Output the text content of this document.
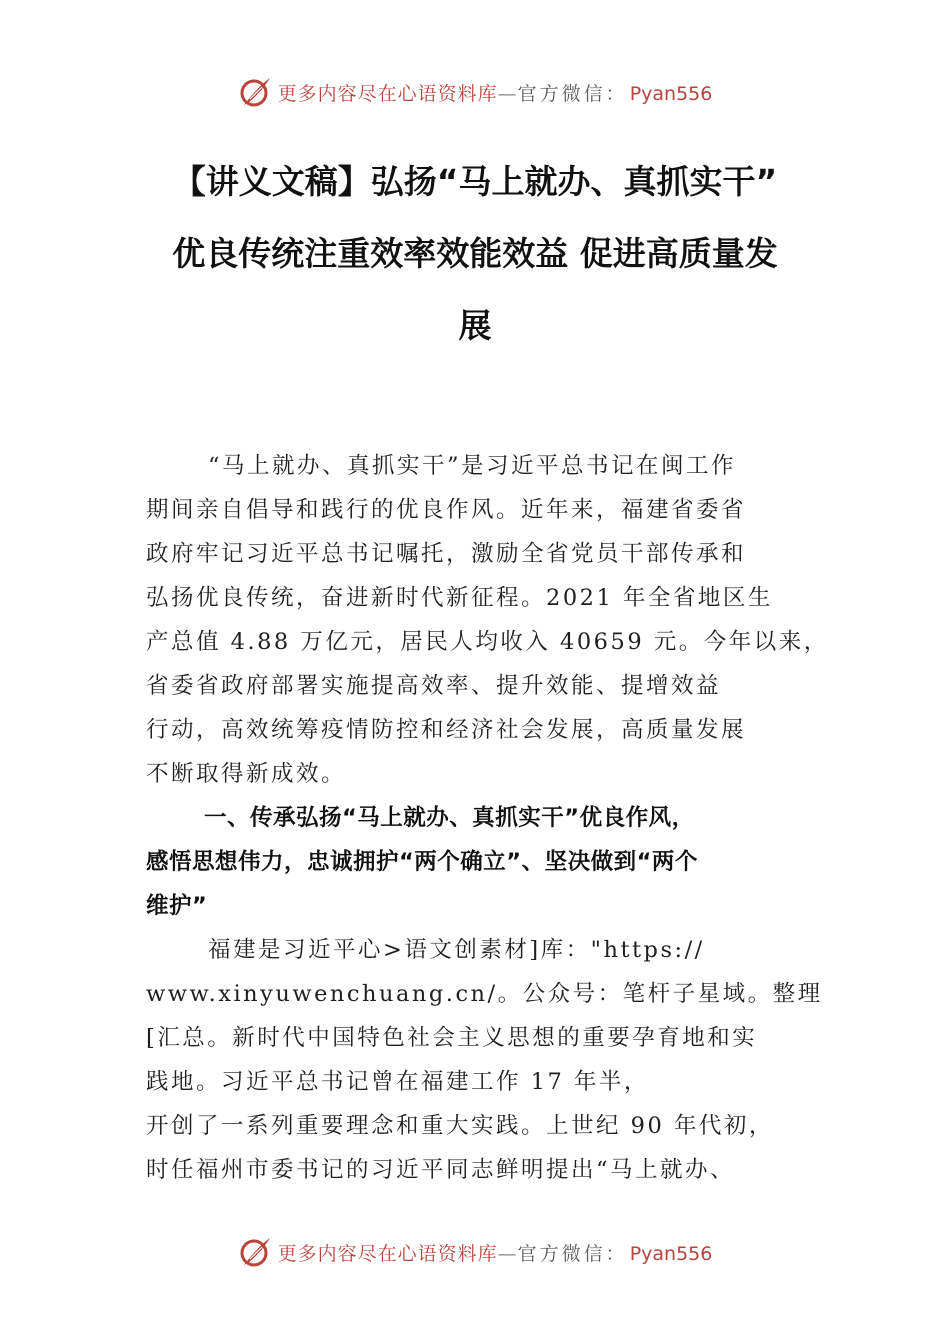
更多内容尽在心语资料库—官方微信： Pyan556
【讲义文稿】弘扬“马上就办、真抓实干”
优良传统注重效率效能效益 促进高质量发
展
“马上就办、真抓实干”是习近平总书记在闽工作
期间亲自倡导和践行的优良作风。近年来，福建省委省
政府牢记习近平总书记嘱托，激励全省党员干部传承和
弘扬优良传统，奋进新时代新征程。2021 年全省地区生
产总值 4.88 万亿元，居民人均收入 40659 元。今年以来，
省委省政府部署实施提高效率、提升效能、提增效益
行动，高效统筹疫情防控和经济社会发展，高质量发展
不断取得新成效。
一、传承弘扬“马上就办、真抓实干”优良作风，
感悟思想伟力，忠诚拥护“两个确立”、坚决做到“两个
维护”
福建是习近平心>语文创素材]库："https://
www.xinyuwenchuang.cn/。公众号：笔杆子星域。整理
[汇总。新时代中国特色社会主义思想的重要孕育地和实
践地。习近平总书记曾在福建工作 17 年半，
开创了一系列重要理念和重大实践。上世纪 90 年代初，
时任福州市委书记的习近平同志鲜明提出“马上就办、
更多内容尽在心语资料库—官方微信： Pyan556
